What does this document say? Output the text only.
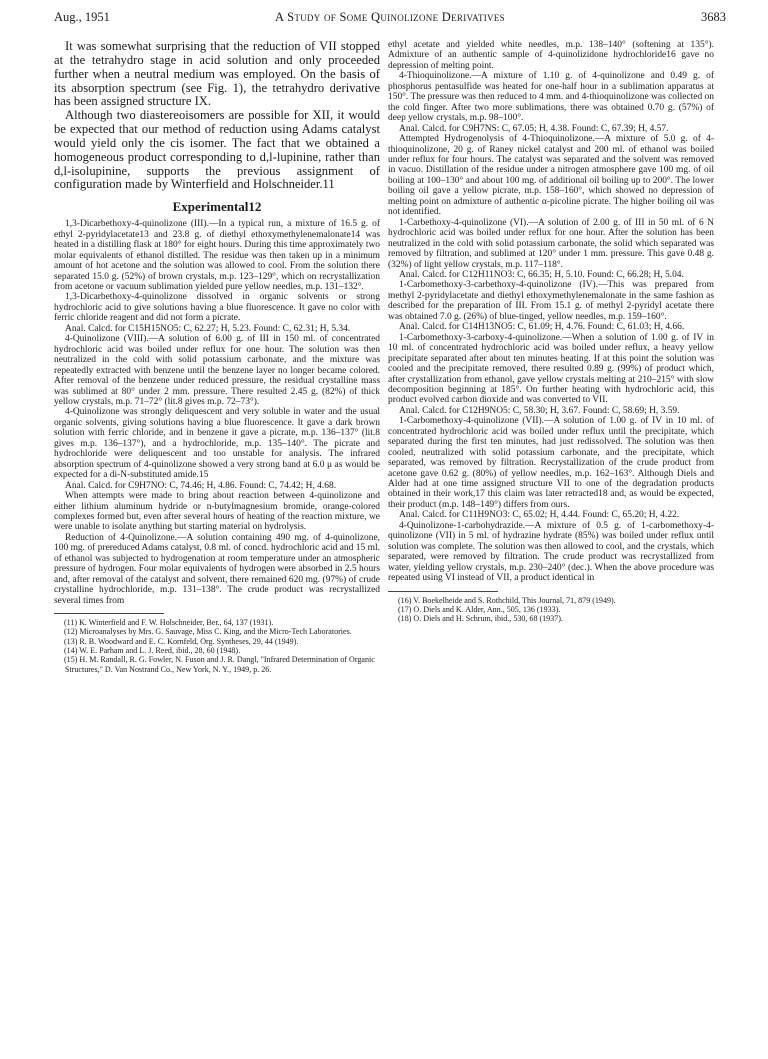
Aug., 1951	A Study of Some Quinolizone Derivatives	3683

It was somewhat surprising that the reduction of VII stopped at the tetrahydro stage in acid solution and only proceeded further when a neutral medium was employed. On the basis of its absorption spectrum (see Fig. 1), the tetrahydro derivative has been assigned structure IX.

Although two diastereoisomers are possible for XII, it would be expected that our method of reduction using Adams catalyst would yield only the cis isomer. The fact that we obtained a homogeneous product corresponding to d,l-lupinine, rather than d,l-isolupinine, supports the previous assignment of configuration made by Winterfield and Holschneider.11

Experimental12

1,3-Dicarbethoxy-4-quinolizone (III).—In a typical run, a mixture of 16.5 g. of ethyl 2-pyridylacetate13 and 23.8 g. of diethyl ethoxymethylenemalonate14 was heated in a distilling flask at 180° for eight hours. During this time approximately two molar equivalents of ethanol distilled. The residue was then taken up in a minimum amount of hot acetone and the solution was allowed to cool. From the solution there separated 15.0 g. (52%) of brown crystals, m.p. 123–129°, which on recrystallization from acetone or vacuum sublimation yielded pure yellow needles, m.p. 131–132°.

1,3-Dicarbethoxy-4-quinolizone dissolved in organic solvents or strong hydrochloric acid to give solutions having a blue fluorescence. It gave no color with ferric chloride reagent and did not form a picrate.

Anal. Calcd. for C15H15NO5: C, 62.27; H, 5.23. Found: C, 62.31; H, 5.34.

4-Quinolizone (VIII).—A solution of 6.00 g. of III in 150 ml. of concentrated hydrochloric acid was boiled under reflux for one hour. The solution was then neutralized in the cold with solid potassium carbonate, and the mixture was repeatedly extracted with benzene until the benzene layer no longer became colored. After removal of the benzene under reduced pressure, the residual crystalline mass was sublimed at 80° under 2 mm. pressure. There resulted 2.45 g. (82%) of thick yellow crystals, m.p. 71–72° (lit.8 gives m.p. 72–73°).

4-Quinolizone was strongly deliquescent and very soluble in water and the usual organic solvents, giving solutions having a blue fluorescence. It gave a dark brown solution with ferric chloride, and in benzene it gave a picrate, m.p. 136–137° (lit.8 gives m.p. 136–137°), and a hydrochloride, m.p. 135–140°. The picrate and hydrochloride were deliquescent and too unstable for analysis. The infrared absorption spectrum of 4-quinolizone showed a very strong band at 6.0 μ as would be expected for a di-N-substituted amide.15

Anal. Calcd. for C9H7NO: C, 74.46; H, 4.86. Found: C, 74.42; H, 4.68.

When attempts were made to bring about reaction between 4-quinolizone and either lithium aluminum hydride or n-butylmagnesium bromide, orange-colored complexes formed but, even after several hours of heating of the reaction mixture, we were unable to isolate anything but starting material on hydrolysis.

Reduction of 4-Quinolizone.—A solution containing 490 mg. of 4-quinolizone, 100 mg. of prereduced Adams catalyst, 0.8 ml. of concd. hydrochloric acid and 15 ml. of ethanol was subjected to hydrogenation at room temperature under an atmospheric pressure of hydrogen. Four molar equivalents of hydrogen were absorbed in 2.5 hours and, after removal of the catalyst and solvent, there remained 620 mg. (97%) of crude crystalline hydrochloride, m.p. 131–138°. The crude product was recrystallized several times from

(11) K. Winterfield and F. W. Holschneider, Ber., 64, 137 (1931).

(12) Microanalyses by Mrs. G. Sauvage, Miss C. King, and the Micro-Tech Laboratories.

(13) R. B. Woodward and E. C. Kornfeld, Org. Syntheses, 29, 44 (1949).

(14) W. E. Parham and L. J. Reed, ibid., 28, 60 (1948).

(15) H. M. Randall, R. G. Fowler, N. Fuson and J. R. Dangl, "Infrared Determination of Organic Structures," D. Van Nostrand Co., New York, N. Y., 1949, p. 26.

ethyl acetate and yielded white needles, m.p. 138–140° (softening at 135°). Admixture of an authentic sample of 4-quinolizidone hydrochloride16 gave no depression of melting point.

4-Thioquinolizone.—A mixture of 1.10 g. of 4-quinolizone and 0.49 g. of phosphorus pentasulfide was heated for one-half hour in a sublimation apparatus at 150°. The pressure was then reduced to 4 mm. and 4-thioquinolizone was collected on the cold finger. After two more sublimations, there was obtained 0.70 g. (57%) of deep yellow crystals, m.p. 98–100°.

Anal. Calcd. for C9H7NS: C, 67.05; H, 4.38. Found: C, 67.39; H, 4.57.

Attempted Hydrogenolysis of 4-Thioquinolizone.—A mixture of 5.0 g. of 4-thioquinolizone, 20 g. of Raney nickel catalyst and 200 ml. of ethanol was boiled under reflux for four hours. The catalyst was separated and the solvent was removed in vacuo. Distillation of the residue under a nitrogen atmosphere gave 100 mg. of oil boiling at 100–130° and about 100 mg. of additional oil boiling up to 200°. The lower boiling oil gave a yellow picrate, m.p. 158–160°, which showed no depression of melting point on admixture of authentic α-picoline picrate. The higher boiling oil was not identified.

1-Carbethoxy-4-quinolizone (VI).—A solution of 2.00 g. of III in 50 ml. of 6 N hydrochloric acid was boiled under reflux for one hour. After the solution has been neutralized in the cold with solid potassium carbonate, the solid which separated was removed by filtration, and sublimed at 120° under 1 mm. pressure. This gave 0.48 g. (32%) of light yellow crystals, m.p. 117–118°.

Anal. Calcd. for C12H11NO3: C, 66.35; H, 5.10. Found: C, 66.28; H, 5.04.

1-Carbomethoxy-3-carbethoxy-4-quinolizone (IV).—This was prepared from methyl 2-pyridylacetate and diethyl ethoxymethylenemalonate in the same fashion as described for the preparation of III. From 15.1 g. of methyl 2-pyridyl acetate there was obtained 7.0 g. (26%) of blue-tinged, yellow needles, m.p. 159–160°.

Anal. Calcd. for C14H13NO5: C, 61.09; H, 4.76. Found: C, 61.03; H, 4.66.

1-Carbomethoxy-3-carboxy-4-quinolizone.—When a solution of 1.00 g. of IV in 10 ml. of concentrated hydrochloric acid was boiled under reflux, a heavy yellow precipitate separated after about ten minutes heating. If at this point the solution was cooled and the precipitate removed, there resulted 0.89 g. (99%) of product which, after crystallization from ethanol, gave yellow crystals melting at 210–215° with slow decomposition beginning at 185°. On further heating with hydrochloric acid, this product evolved carbon dioxide and was converted to VII.

Anal. Calcd. for C12H9NO5: C, 58.30; H, 3.67. Found: C, 58.69; H, 3.59.

1-Carbomethoxy-4-quinolizone (VII).—A solution of 1.00 g. of IV in 10 ml. of concentrated hydrochloric acid was boiled under reflux until the precipitate, which separated during the first ten minutes, had just redissolved. The solution was then cooled, neutralized with solid potassium carbonate, and the precipitate, which separated, was removed by filtration. Recrystallization of the crude product from acetone gave 0.62 g. (80%) of yellow needles, m.p. 162–163°. Although Diels and Alder had at one time assigned structure VII to one of the degradation products obtained in their work,17 this claim was later retracted18 and, as would be expected, their product (m.p. 148–149°) differs from ours.

Anal. Calcd. for C11H9NO3: C, 65.02; H, 4.44. Found: C, 65.20; H, 4.22.

4-Quinolizone-1-carbohydrazide.—A mixture of 0.5 g. of 1-carbomethoxy-4-quinolizone (VII) in 5 ml. of hydrazine hydrate (85%) was boiled under reflux until solution was complete. The solution was then allowed to cool, and the crystals, which separated, were removed by filtration. The crude product was recrystallized from water, yielding yellow crystals, m.p. 230–240° (dec.). When the above procedure was repeated using VI instead of VII, a product identical in

(16) V. Boekelheide and S. Rothchild, This Journal, 71, 879 (1949).

(17) O. Diels and K. Alder, Ann., 505, 136 (1933).

(18) O. Diels and H. Schrum, ibid., 530, 68 (1937).
